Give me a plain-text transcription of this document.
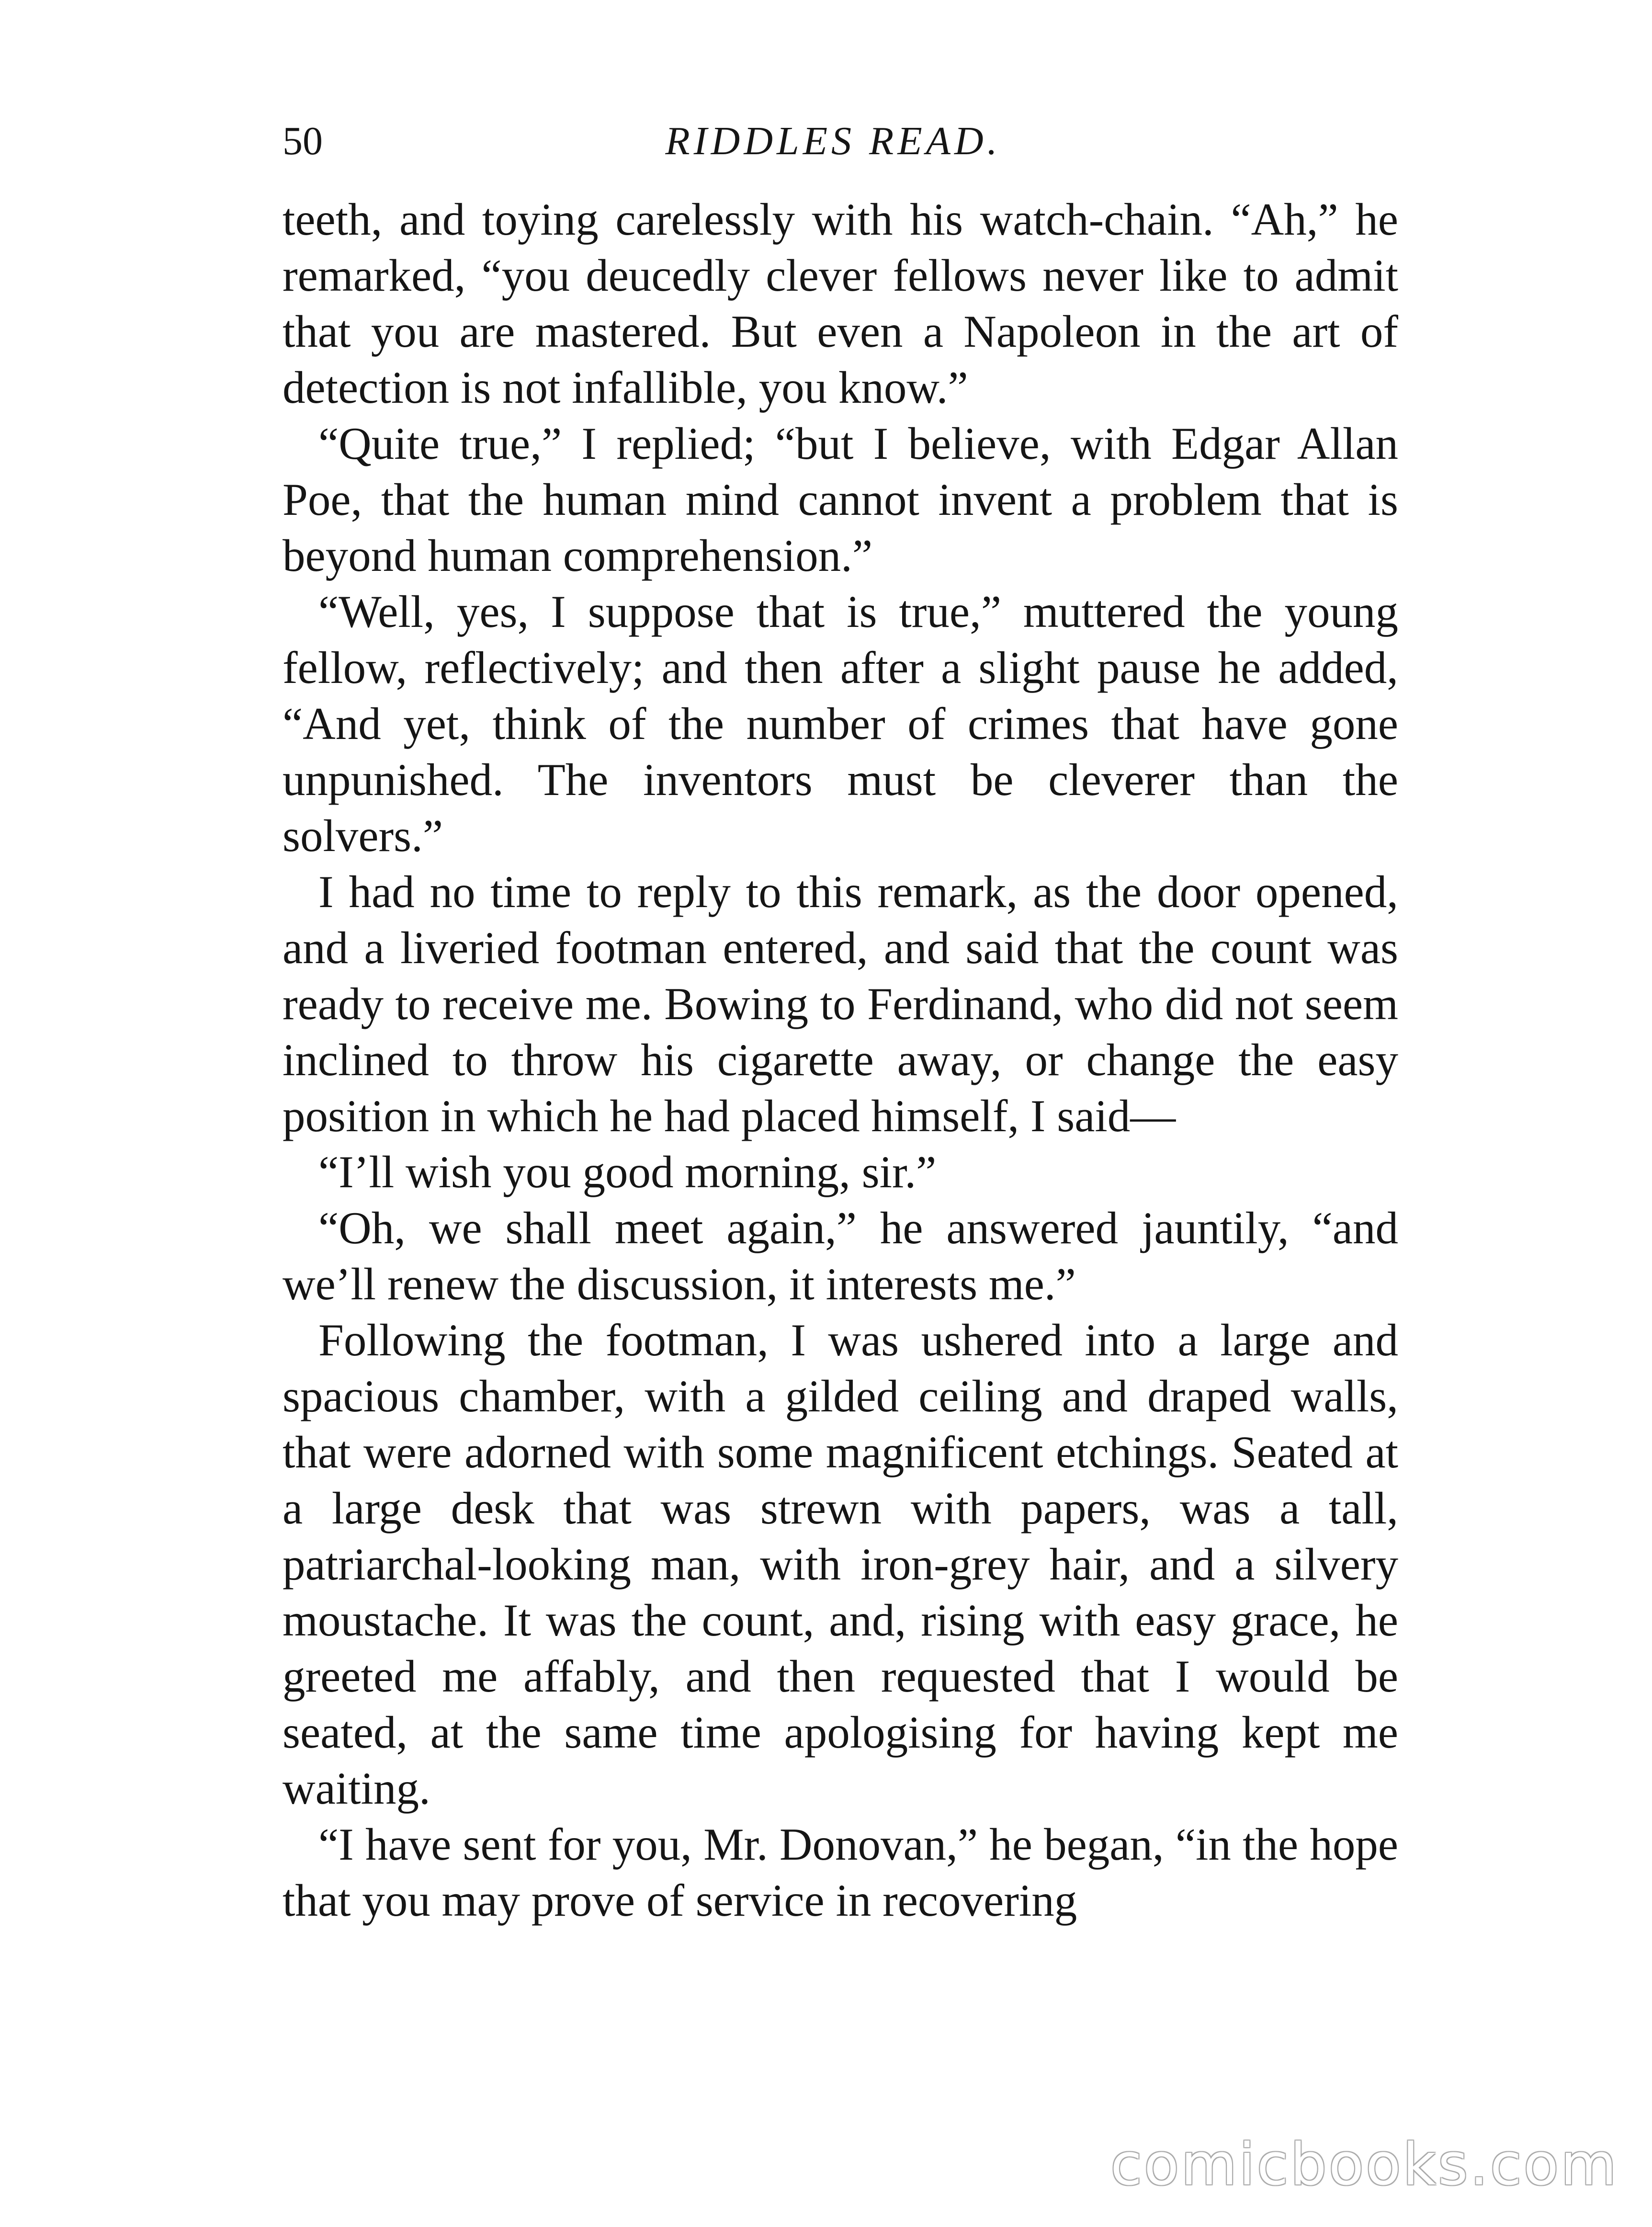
50	RIDDLES READ.

teeth, and toying carelessly with his watch-chain. “Ah,” he remarked, “you deucedly clever fellows never like to admit that you are mastered. But even a Napoleon in the art of detection is not infallible, you know.”

“Quite true,” I replied; “but I believe, with Edgar Allan Poe, that the human mind cannot invent a problem that is beyond human comprehension.”

“Well, yes, I suppose that is true,” muttered the young fellow, reflectively; and then after a slight pause he added, “And yet, think of the number of crimes that have gone unpunished. The inventors must be cleverer than the solvers.”

I had no time to reply to this remark, as the door opened, and a liveried footman entered, and said that the count was ready to receive me. Bowing to Ferdinand, who did not seem inclined to throw his cigarette away, or change the easy position in which he had placed himself, I said—

“I’ll wish you good morning, sir.”

“Oh, we shall meet again,” he answered jauntily, “and we’ll renew the discussion, it interests me.”

Following the footman, I was ushered into a large and spacious chamber, with a gilded ceiling and draped walls, that were adorned with some magnificent etchings. Seated at a large desk that was strewn with papers, was a tall, patriarchal-looking man, with iron-grey hair, and a silvery moustache. It was the count, and, rising with easy grace, he greeted me affably, and then requested that I would be seated, at the same time apologising for having kept me waiting.

“I have sent for you, Mr. Donovan,” he began, “in the hope that you may prove of service in recovering

comicbooks.com
